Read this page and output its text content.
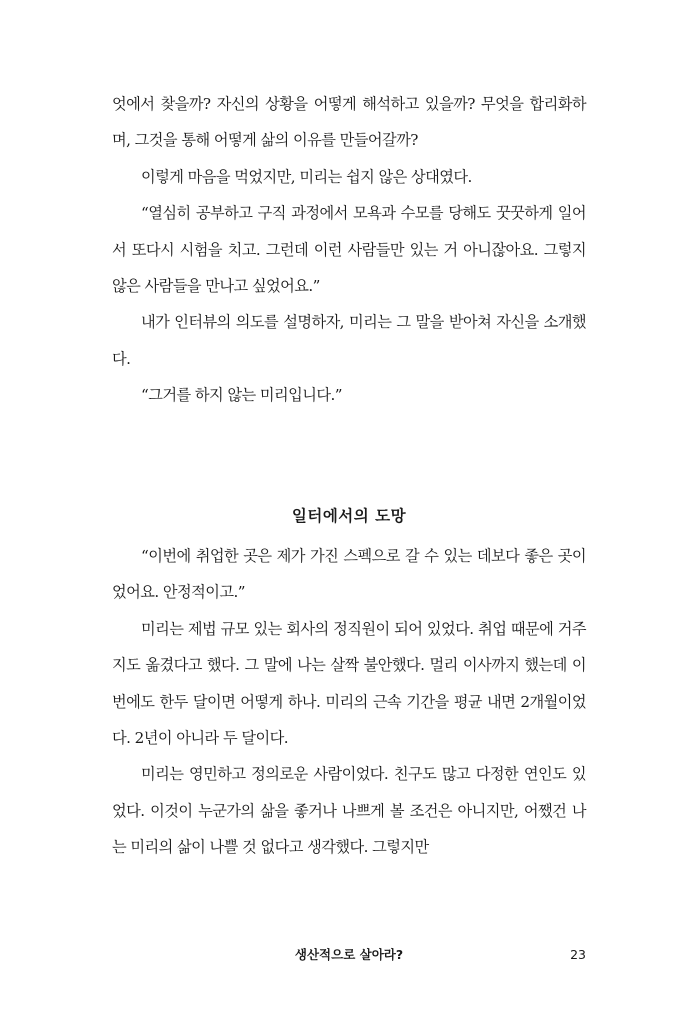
엇에서 찾을까? 자신의 상황을 어떻게 해석하고 있을까? 무엇을 합리화하며, 그것을 통해 어떻게 삶의 이유를 만들어갈까?

이렇게 마음을 먹었지만, 미리는 쉽지 않은 상대였다.

“열심히 공부하고 구직 과정에서 모욕과 수모를 당해도 꿋꿋하게 일어서 또다시 시험을 치고. 그런데 이런 사람들만 있는 거 아니잖아요. 그렇지 않은 사람들을 만나고 싶었어요.”

내가 인터뷰의 의도를 설명하자, 미리는 그 말을 받아쳐 자신을 소개했다.

“그거를 하지 않는 미리입니다.”

일터에서의 도망

“이번에 취업한 곳은 제가 가진 스펙으로 갈 수 있는 데보다 좋은 곳이었어요. 안정적이고.”

미리는 제법 규모 있는 회사의 정직원이 되어 있었다. 취업 때문에 거주지도 옮겼다고 했다. 그 말에 나는 살짝 불안했다. 멀리 이사까지 했는데 이번에도 한두 달이면 어떻게 하나. 미리의 근속 기간을 평균 내면 2개월이었다. 2년이 아니라 두 달이다.

미리는 영민하고 정의로운 사람이었다. 친구도 많고 다정한 연인도 있었다. 이것이 누군가의 삶을 좋거나 나쁘게 볼 조건은 아니지만, 어쨌건 나는 미리의 삶이 나쁠 것 없다고 생각했다. 그렇지만

생산적으로 살아라?	23
